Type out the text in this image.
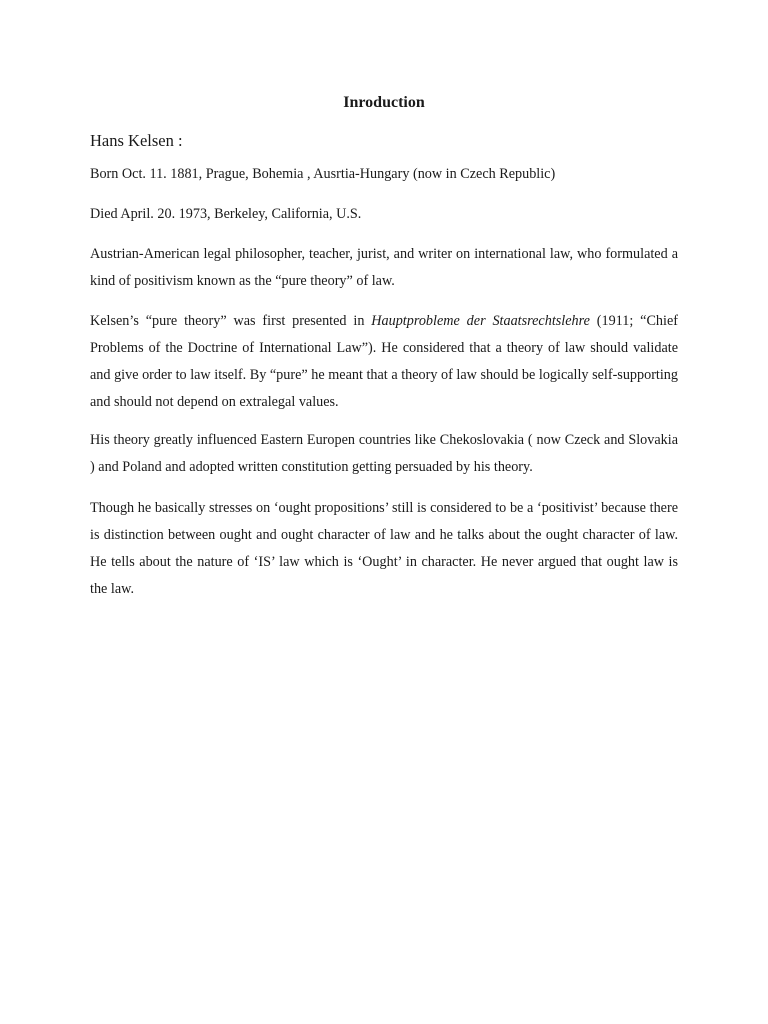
Inroduction
Hans Kelsen :

Born Oct. 11. 1881, Prague, Bohemia , Ausrtia-Hungary (now in Czech Republic)

Died April. 20. 1973, Berkeley, California, U.S.

Austrian-American legal philosopher, teacher, jurist, and writer on international law, who formulated a kind of positivism known as the “pure theory” of law.

Kelsen’s “pure theory” was first presented in Hauptprobleme der Staatsrechtslehre (1911; “Chief Problems of the Doctrine of International Law”). He considered that a theory of law should validate and give order to law itself. By “pure” he meant that a theory of law should be logically self-supporting and should not depend on extralegal values.

His theory greatly influenced Eastern Europen countries like Chekoslovakia ( now Czeck and Slovakia ) and Poland and adopted written constitution getting persuaded by his theory.

Though he basically stresses on ‘ought propositions’ still is considered to be a ‘positivist’ because there is distinction between ought and ought character of law and he talks about the ought character of law. He tells about the nature of ‘IS’ law which is ‘Ought’ in character. He never argued that ought law is the law.
